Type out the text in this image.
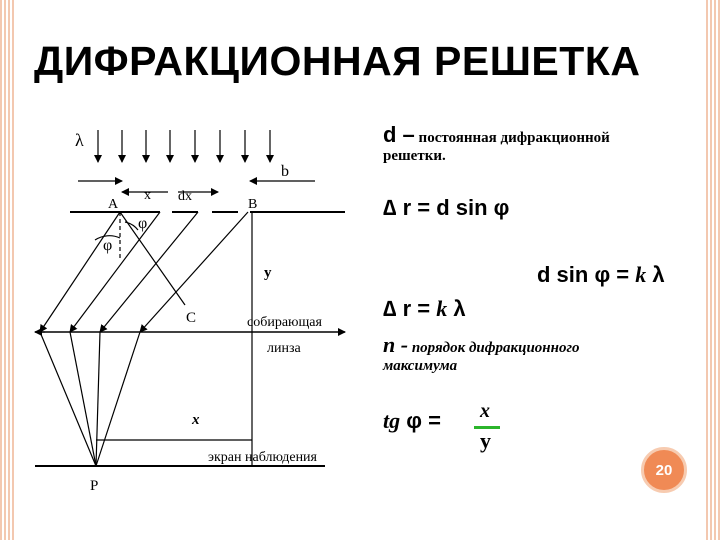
ДИФРАКЦИОННАЯ РЕШЕТКА
λ
b
x dx
A	B
φ
φ
y
C	собирающая
линза
x
экран наблюдения
P
d – постоянная дифракционной
решетки.
∆ r = d sin φ
d sin φ = k λ
∆ r = k λ
n - порядок дифракционного
максимума
tg φ = x
y
20
